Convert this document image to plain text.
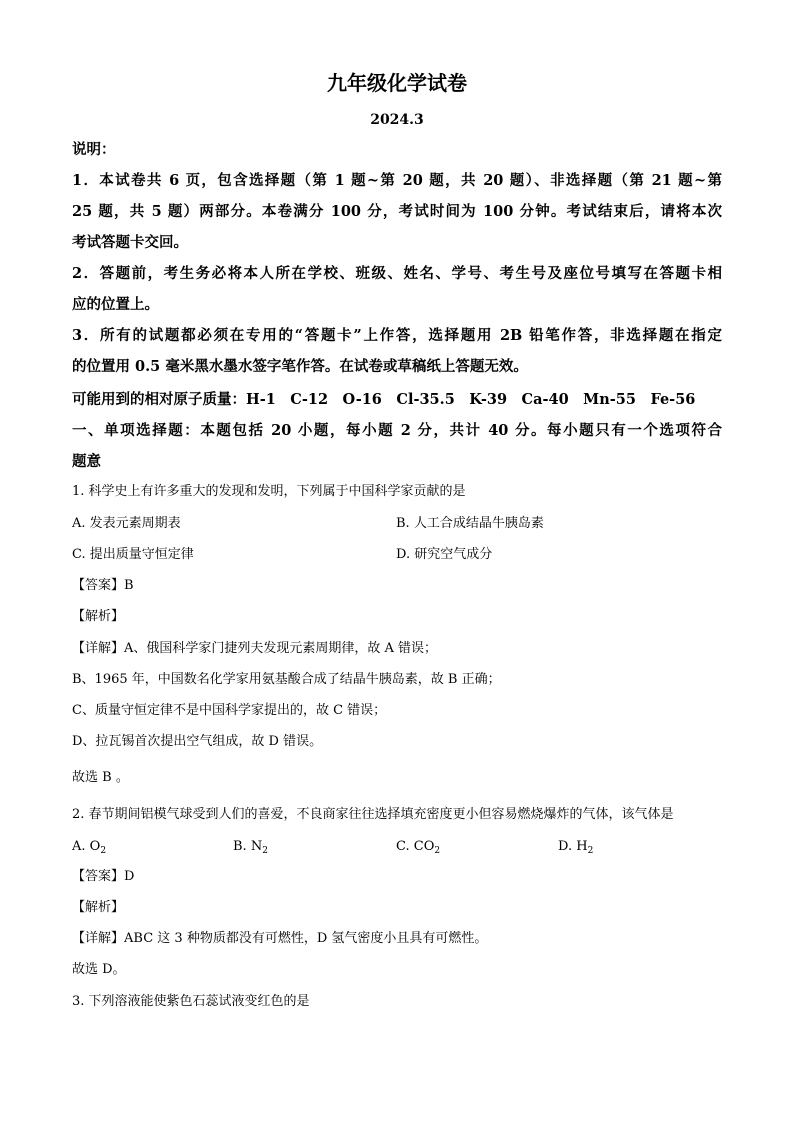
九年级化学试卷
2024.3
说明：
1．本试卷共 6 页，包含选择题（第 1 题~第 20 题，共 20 题）、非选择题（第 21 题~第
25 题，共 5 题）两部分。本卷满分 100 分，考试时间为 100 分钟。考试结束后，请将本次
考试答题卡交回。
2．答题前，考生务必将本人所在学校、班级、姓名、学号、考生号及座位号填写在答题卡相
应的位置上。
3．所有的试题都必须在专用的“答题卡”上作答，选择题用 2B 铅笔作答，非选择题在指定
的位置用 0.5 毫米黑水墨水签字笔作答。在试卷或草稿纸上答题无效。
可能用到的相对原子质量：H-1　C-12　O-16　Cl-35.5　K-39　Ca-40　Mn-55　Fe-56
一、单项选择题：本题包括 20 小题，每小题 2 分，共计 40 分。每小题只有一个选项符合
题意
1. 科学史上有许多重大的发现和发明，下列属于中国科学家贡献的是
A. 发表元素周期表	B. 人工合成结晶牛胰岛素
C. 提出质量守恒定律	D. 研究空气成分
【答案】B
【解析】
【详解】A、俄国科学家门捷列夫发现元素周期律，故 A 错误；
B、1965 年，中国数名化学家用氨基酸合成了结晶牛胰岛素，故 B 正确；
C、质量守恒定律不是中国科学家提出的，故 C 错误；
D、拉瓦锡首次提出空气组成，故 D 错误。
故选 B 。
2. 春节期间铝模气球受到人们的喜爱，不良商家往往选择填充密度更小但容易燃烧爆炸的气体，该气体是
A. $O_2$	B. $N_2$	C. $CO_2$	D. $H_2$
【答案】D
【解析】
【详解】ABC 这 3 种物质都没有可燃性，D 氢气密度小且具有可燃性。
故选 D。
3. 下列溶液能使紫色石蕊试液变红色的是
